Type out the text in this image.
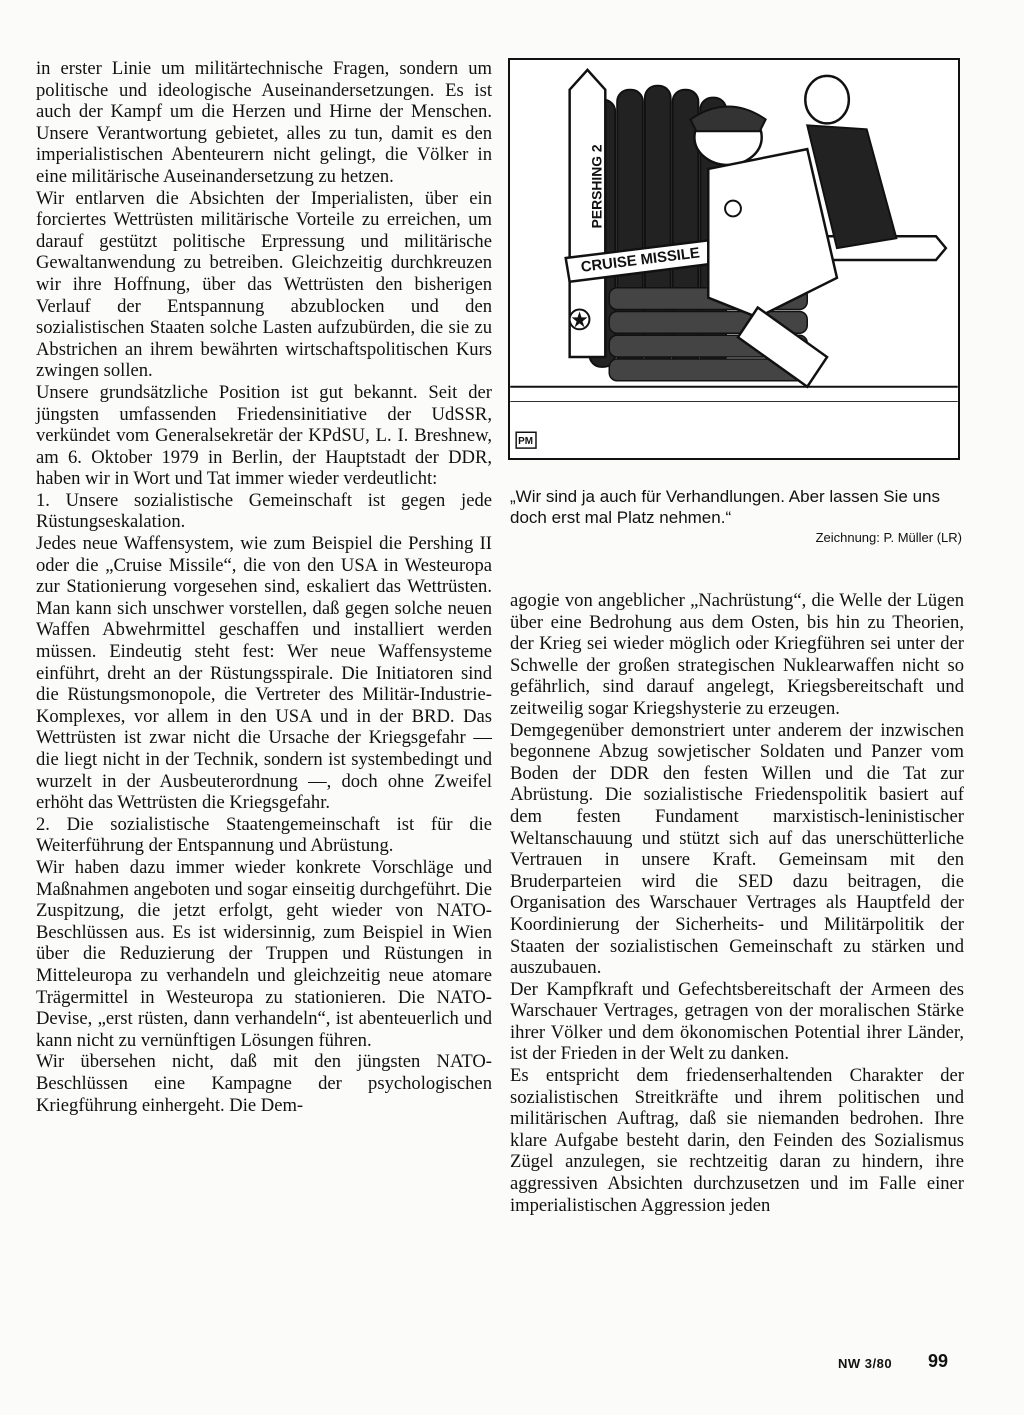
in erster Linie um militärtechnische Fragen, sondern um politische und ideologische Auseinandersetzungen. Es ist auch der Kampf um die Herzen und Hirne der Menschen. Unsere Verantwortung gebietet, alles zu tun, damit es den imperialistischen Abenteurern nicht gelingt, die Völker in eine militärische Auseinandersetzung zu hetzen.

Wir entlarven die Absichten der Imperialisten, über ein forciertes Wettrüsten militärische Vorteile zu erreichen, um darauf gestützt politische Erpressung und militärische Gewaltanwendung zu betreiben. Gleichzeitig durchkreuzen wir ihre Hoffnung, über das Wettrüsten den bisherigen Verlauf der Entspannung abzublocken und den sozialistischen Staaten solche Lasten aufzubürden, die sie zu Abstrichen an ihrem bewährten wirtschaftspolitischen Kurs zwingen sollen.

Unsere grundsätzliche Position ist gut bekannt. Seit der jüngsten umfassenden Friedensinitiative der UdSSR, verkündet vom Generalsekretär der KPdSU, L. I. Breshnew, am 6. Oktober 1979 in Berlin, der Hauptstadt der DDR, haben wir in Wort und Tat immer wieder verdeutlicht:

1. Unsere sozialistische Gemeinschaft ist gegen jede Rüstungseskalation.

Jedes neue Waffensystem, wie zum Beispiel die Pershing II oder die „Cruise Missile“, die von den USA in Westeuropa zur Stationierung vorgesehen sind, eskaliert das Wettrüsten. Man kann sich unschwer vorstellen, daß gegen solche neuen Waffen Abwehrmittel geschaffen und installiert werden müssen. Eindeutig steht fest: Wer neue Waffensysteme einführt, dreht an der Rüstungsspirale. Die Initiatoren sind die Rüstungsmonopole, die Vertreter des Militär-Industrie-Komplexes, vor allem in den USA und in der BRD. Das Wettrüsten ist zwar nicht die Ursache der Kriegsgefahr — die liegt nicht in der Technik, sondern ist systembedingt und wurzelt in der Ausbeuterordnung —, doch ohne Zweifel erhöht das Wettrüsten die Kriegsgefahr.

2. Die sozialistische Staatengemeinschaft ist für die Weiterführung der Entspannung und Abrüstung.

Wir haben dazu immer wieder konkrete Vorschläge und Maßnahmen angeboten und sogar einseitig durchgeführt. Die Zuspitzung, die jetzt erfolgt, geht wieder von NATO-Beschlüssen aus. Es ist widersinnig, zum Beispiel in Wien über die Reduzierung der Truppen und Rüstungen in Mitteleuropa zu verhandeln und gleichzeitig neue atomare Trägermittel in Westeuropa zu stationieren. Die NATO-Devise, „erst rüsten, dann verhandeln“, ist abenteuerlich und kann nicht zu vernünftigen Lösungen führen.

Wir übersehen nicht, daß mit den jüngsten NATO-Beschlüssen eine Kampagne der psychologischen Kriegführung einhergeht. Die Dem-

PERSHING 2
CRUISE MISSILE
PM
„Wir sind ja auch für Verhandlungen. Aber lassen Sie uns doch erst mal Platz nehmen.“
Zeichnung: P. Müller (LR)

agogie von angeblicher „Nachrüstung“, die Welle der Lügen über eine Bedrohung aus dem Osten, bis hin zu Theorien, der Krieg sei wieder möglich oder Kriegführen sei unter der Schwelle der großen strategischen Nuklearwaffen nicht so gefährlich, sind darauf angelegt, Kriegsbereitschaft und zeitweilig sogar Kriegshysterie zu erzeugen.

Demgegenüber demonstriert unter anderem der inzwischen begonnene Abzug sowjetischer Soldaten und Panzer vom Boden der DDR den festen Willen und die Tat zur Abrüstung. Die sozialistische Friedenspolitik basiert auf dem festen Fundament marxistisch-leninistischer Weltanschauung und stützt sich auf das unerschütterliche Vertrauen in unsere Kraft. Gemeinsam mit den Bruderparteien wird die SED dazu beitragen, die Organisation des Warschauer Vertrages als Hauptfeld der Koordinierung der Sicherheits- und Militärpolitik der Staaten der sozialistischen Gemeinschaft zu stärken und auszubauen.

Der Kampfkraft und Gefechtsbereitschaft der Armeen des Warschauer Vertrages, getragen von der moralischen Stärke ihrer Völker und dem ökonomischen Potential ihrer Länder, ist der Frieden in der Welt zu danken.

Es entspricht dem friedenserhaltenden Charakter der sozialistischen Streitkräfte und ihrem politischen und militärischen Auftrag, daß sie niemanden bedrohen. Ihre klare Aufgabe besteht darin, den Feinden des Sozialismus Zügel anzulegen, sie rechtzeitig daran zu hindern, ihre aggressiven Absichten durchzusetzen und im Falle einer imperialistischen Aggression jeden

NW 3/80 99
